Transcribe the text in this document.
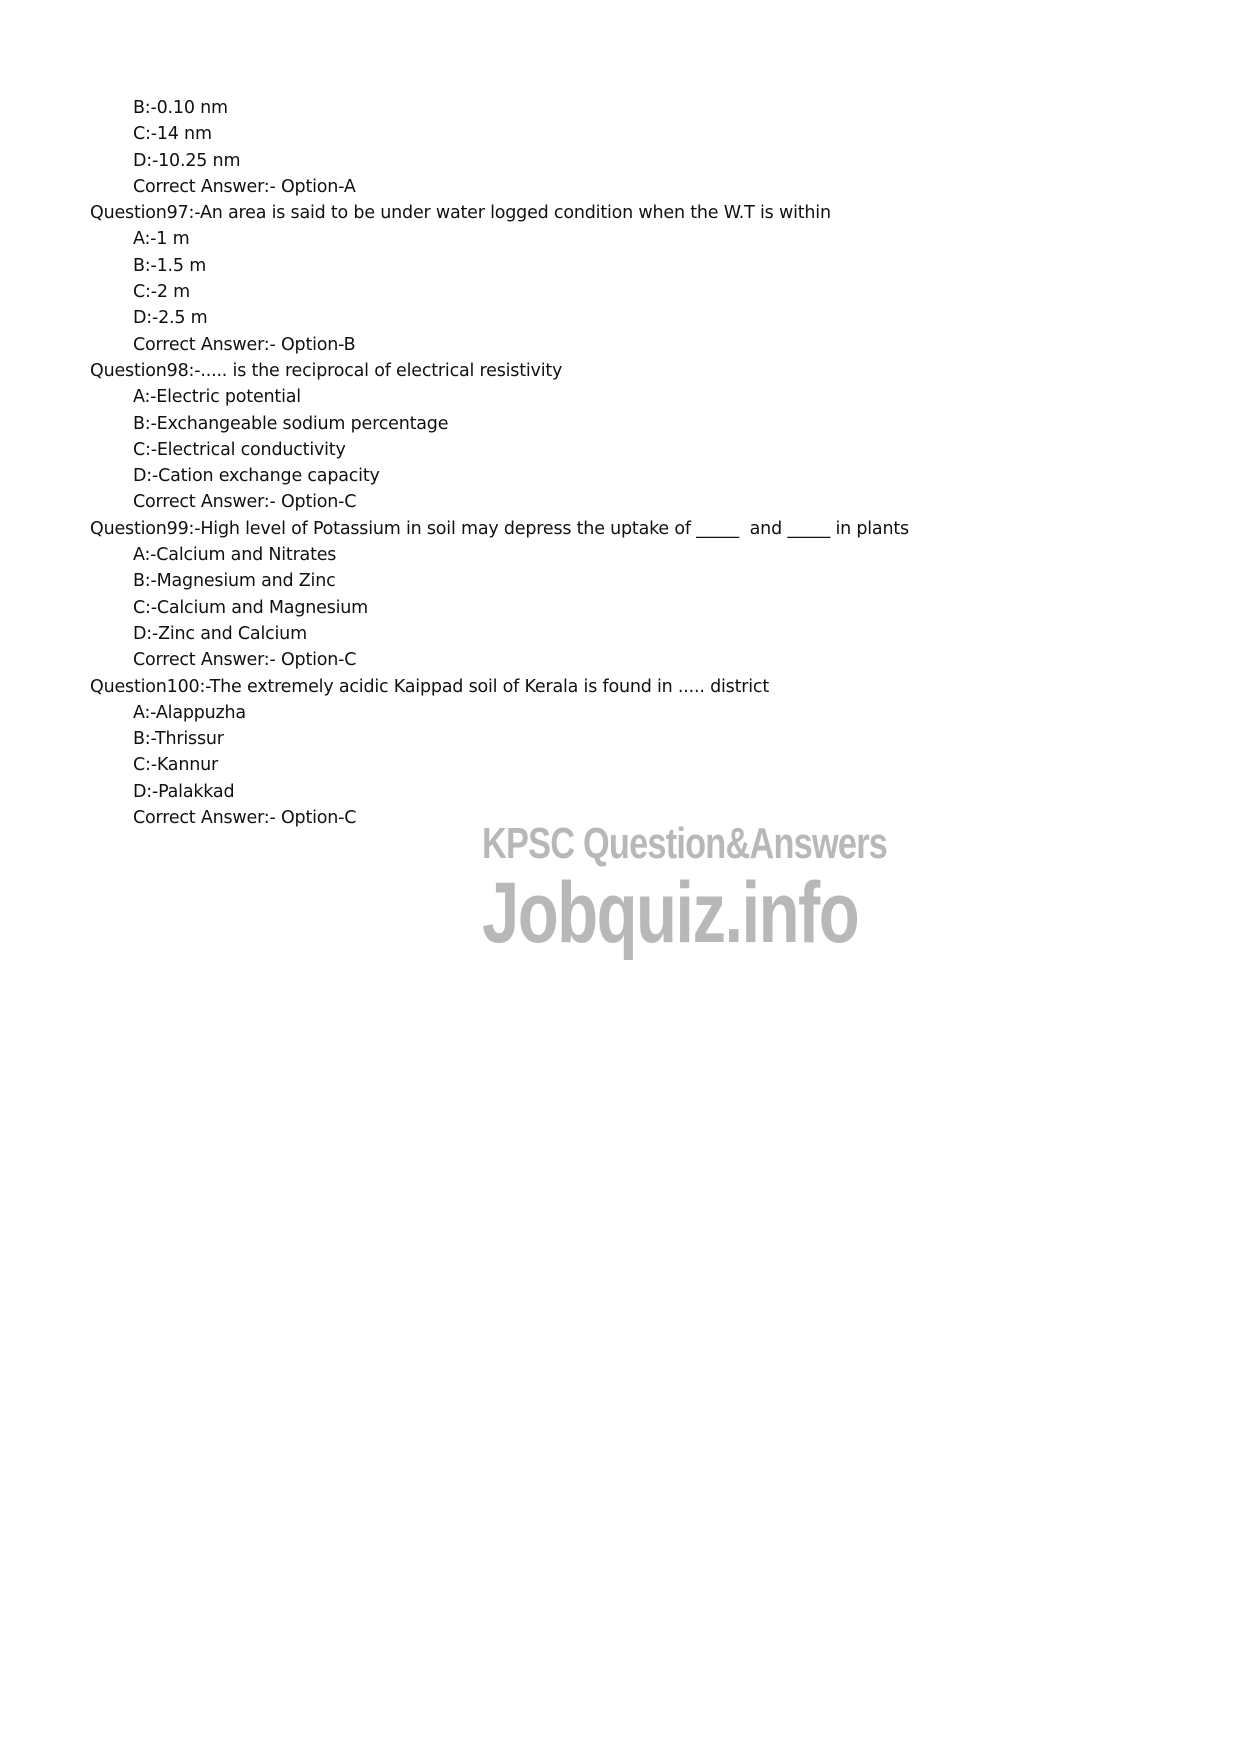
B:-0.10 nm
C:-14 nm
D:-10.25 nm
Correct Answer:- Option-A
Question97:-An area is said to be under water logged condition when the W.T is within
A:-1 m
B:-1.5 m
C:-2 m
D:-2.5 m
Correct Answer:- Option-B
Question98:-..... is the reciprocal of electrical resistivity
A:-Electric potential
B:-Exchangeable sodium percentage
C:-Electrical conductivity
D:-Cation exchange capacity
Correct Answer:- Option-C
Question99:-High level of Potassium in soil may depress the uptake of _____  and _____ in plants
A:-Calcium and Nitrates
B:-Magnesium and Zinc
C:-Calcium and Magnesium
D:-Zinc and Calcium
Correct Answer:- Option-C
Question100:-The extremely acidic Kaippad soil of Kerala is found in ..... district
A:-Alappuzha
B:-Thrissur
C:-Kannur
D:-Palakkad
Correct Answer:- Option-C
KPSC Question&Answers
Jobquiz.info
